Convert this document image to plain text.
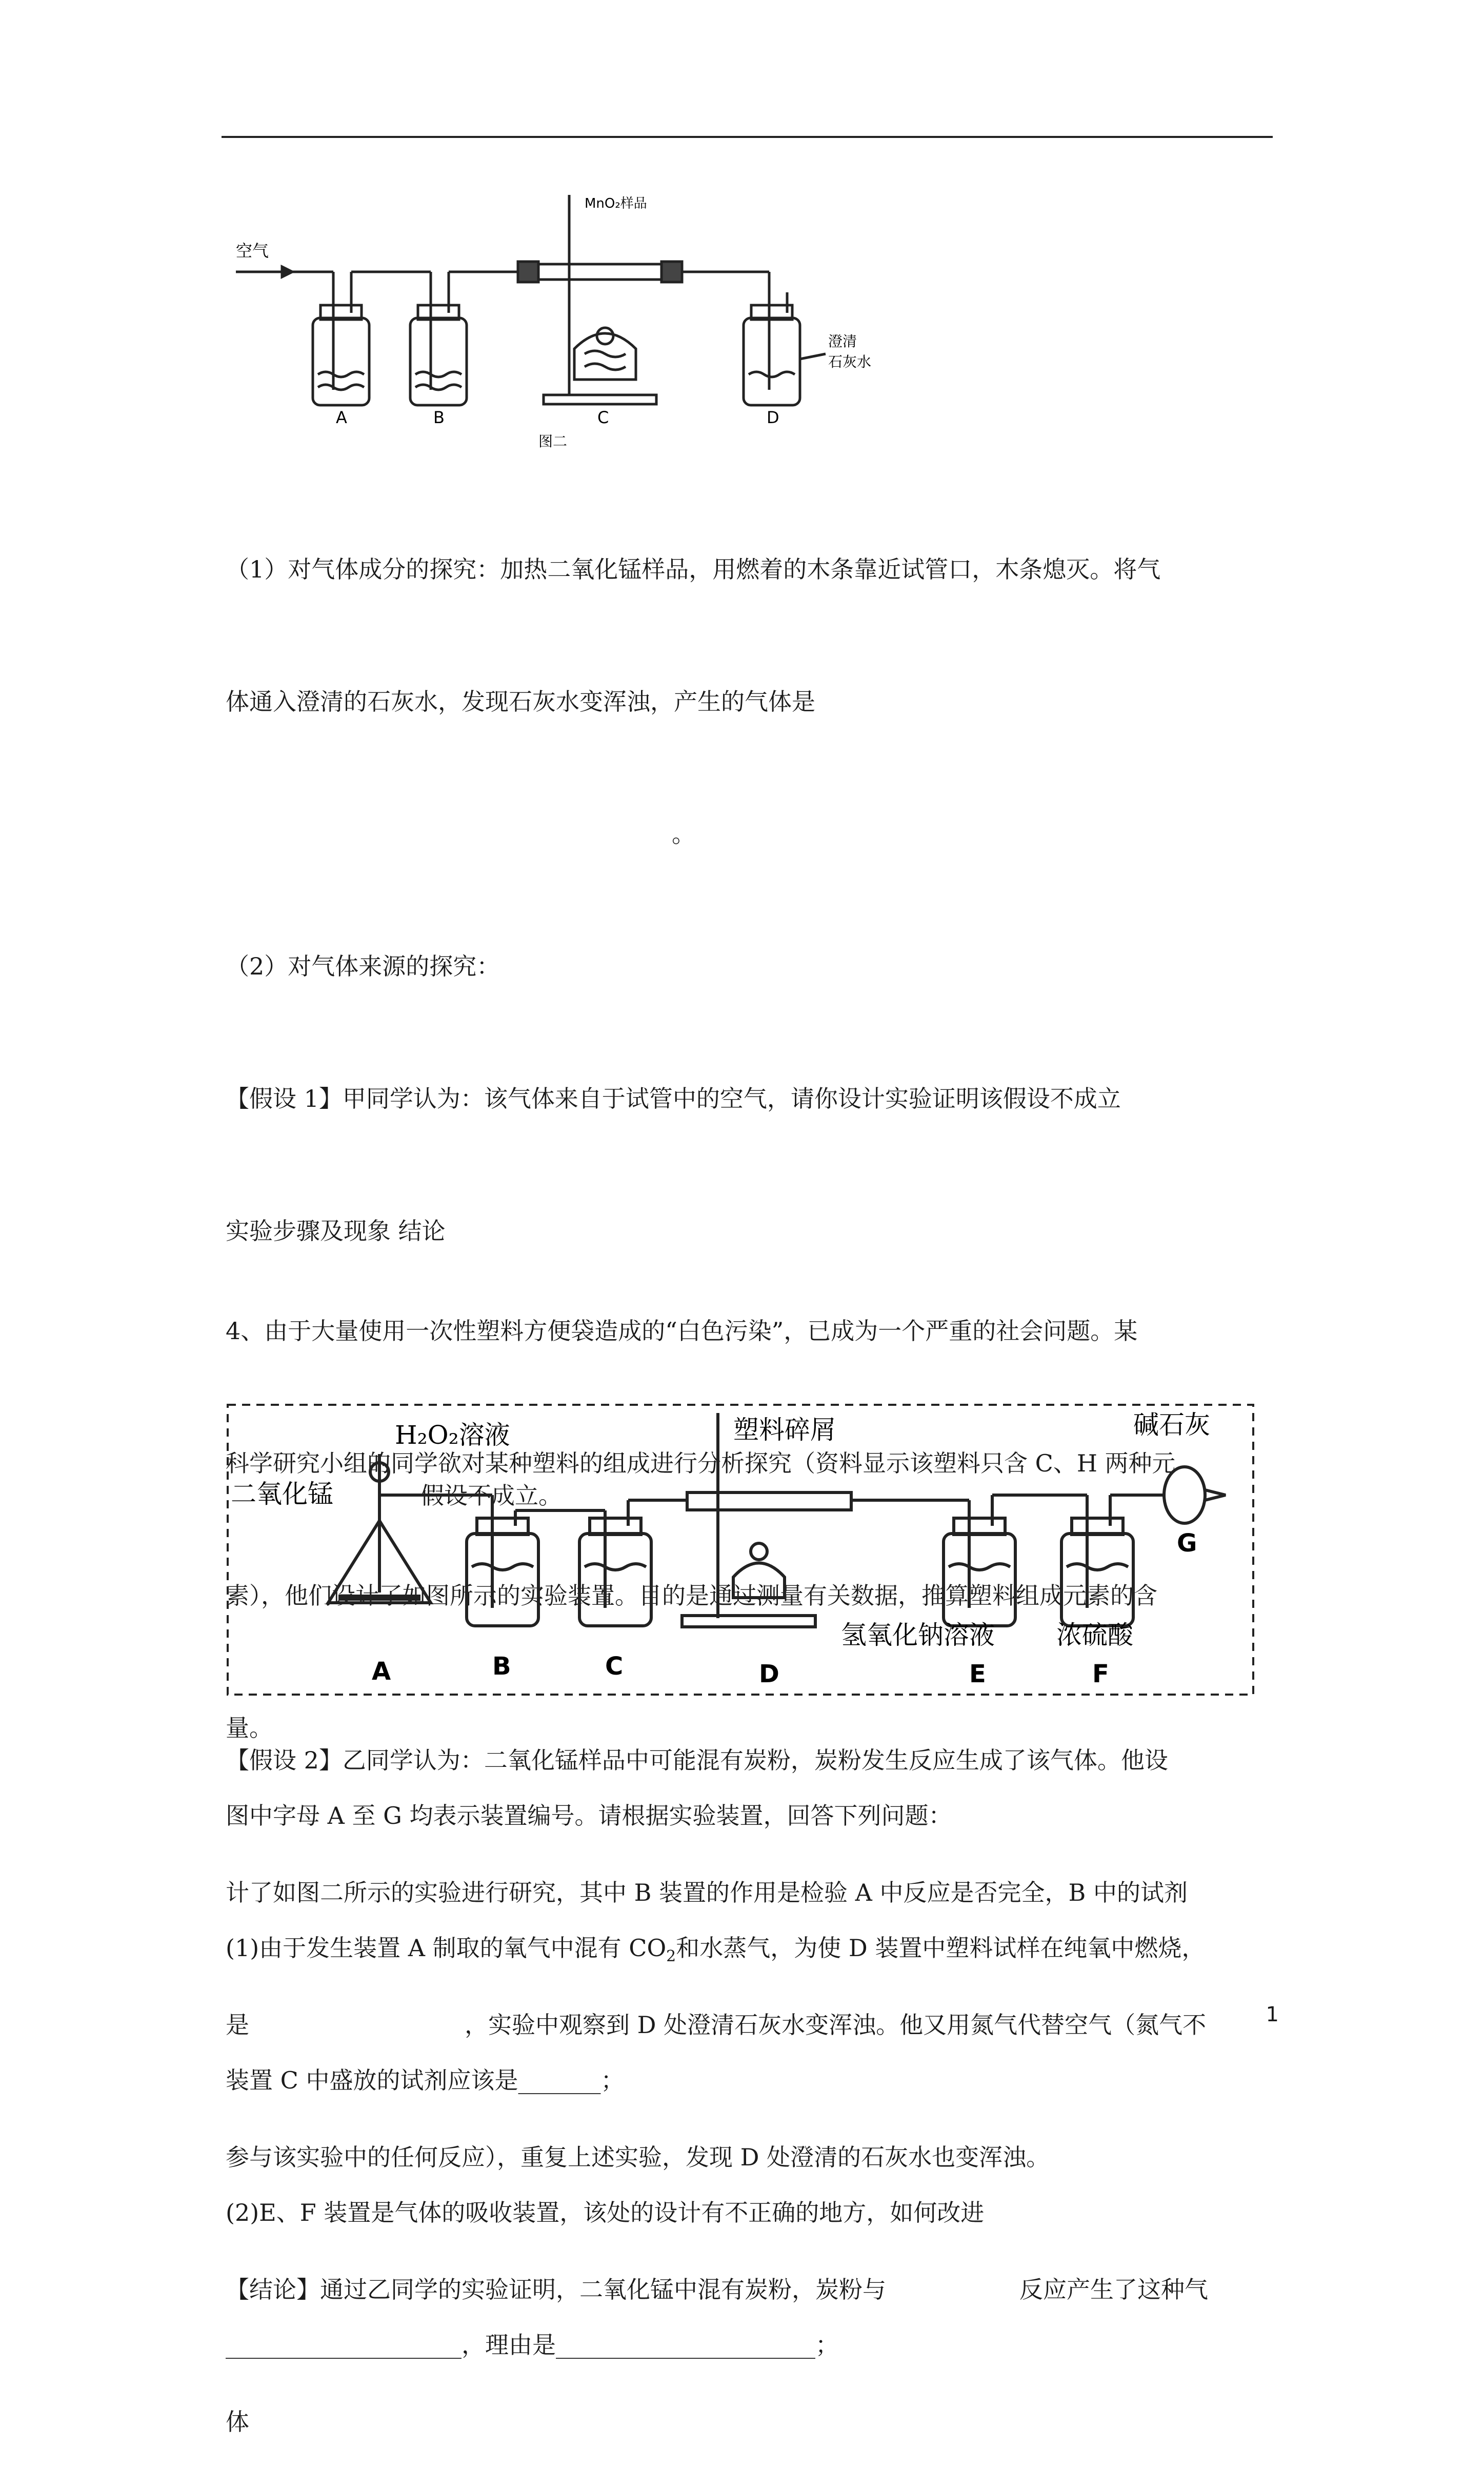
空气
MnO₂样品
澄清
石灰水
A	B	C	D
图二

（1）对气体成分的探究：加热二氧化锰样品，用燃着的木条靠近试管口，木条熄灭。将气

体通入澄清的石灰水，发现石灰水变浑浊，产生的气体是

。

（2）对气体来源的探究：

【假设 1】甲同学认为：该气体来自于试管中的空气，请你设计实验证明该假设不成立

实验步骤及现象 结论

假设不成立。

【假设 2】乙同学认为：二氧化锰样品中可能混有炭粉，炭粉发生反应生成了该气体。他设

计了如图二所示的实验进行研究，其中 B 装置的作用是检验 A 中反应是否完全，B 中的试剂

是	，实验中观察到 D 处澄清石灰水变浑浊。他又用氮气代替空气（氮气不

参与该实验中的任何反应），重复上述实验，发现 D 处澄清的石灰水也变浑浊。

【结论】通过乙同学的实验证明，二氧化锰中混有炭粉，炭粉与	反应产生了这种气

体

4、由于大量使用一次性塑料方便袋造成的“白色污染”，已成为一个严重的社会问题。某

科学研究小组的同学欲对某种塑料的组成进行分析探究（资料显示该塑料只含 C、H 两种元

素），他们设计了如图所示的实验装置。目的是通过测量有关数据，推算塑料组成元素的含

量。

H₂O₂溶液
二氧化锰
塑料碎屑	碱石灰
氢氧化钠溶液 浓硫酸
A	B	C	D	E	F
G

图中字母 A 至 G 均表示装置编号。请根据实验装置，回答下列问题：

(1)由于发生装置 A 制取的氧气中混有 $CO_2$和水蒸气，为使 D 装置中塑料试样在纯氧中燃烧，

装置 C 中盛放的试剂应该是_______；

(2)E、F 装置是气体的吸收装置，该处的设计有不正确的地方，如何改进

____________________，理由是______________________；

1
